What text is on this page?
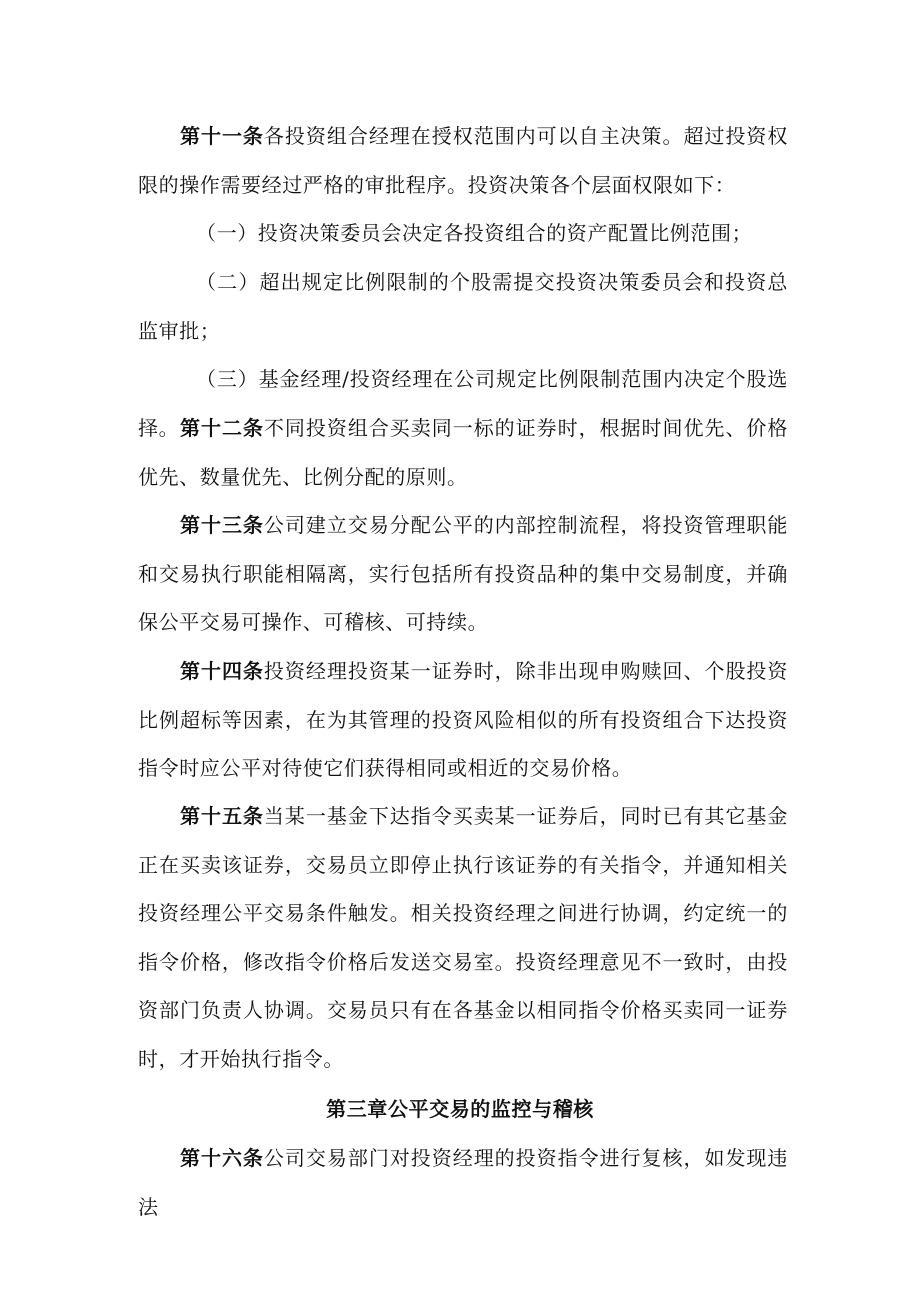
第十一条各投资组合经理在授权范围内可以自主决策。超过投资权限的操作需要经过严格的审批程序。投资决策各个层面权限如下：

（一）投资决策委员会决定各投资组合的资产配置比例范围；

（二）超出规定比例限制的个股需提交投资决策委员会和投资总监审批；

（三）基金经理/投资经理在公司规定比例限制范围内决定个股选择。 第十二条不同投资组合买卖同一标的证券时，根据时间优先、价格优先、数量优先、比例分配的原则。

第十三条公司建立交易分配公平的内部控制流程，将投资管理职能和交易执行职能相隔离，实行包括所有投资品种的集中交易制度，并确保公平交易可操作、可稽核、可持续。

第十四条投资经理投资某一证券时，除非出现申购赎回、个股投资比例超标等因素，在为其管理的投资风险相似的所有投资组合下达投资指令时应公平对待使它们获得相同或相近的交易价格。

第十五条当某一基金下达指令买卖某一证券后，同时已有其它基金正在买卖该证券，交易员立即停止执行该证券的有关指令，并通知相关投资经理公平交易条件触发。相关投资经理之间进行协调，约定统一的指令价格，修改指令价格后发送交易室。投资经理意见不一致时，由投资部门负责人协调。交易员只有在各基金以相同指令价格买卖同一证券时，才开始执行指令。

第三章公平交易的监控与稽核

第十六条公司交易部门对投资经理的投资指令进行复核，如发现违法
